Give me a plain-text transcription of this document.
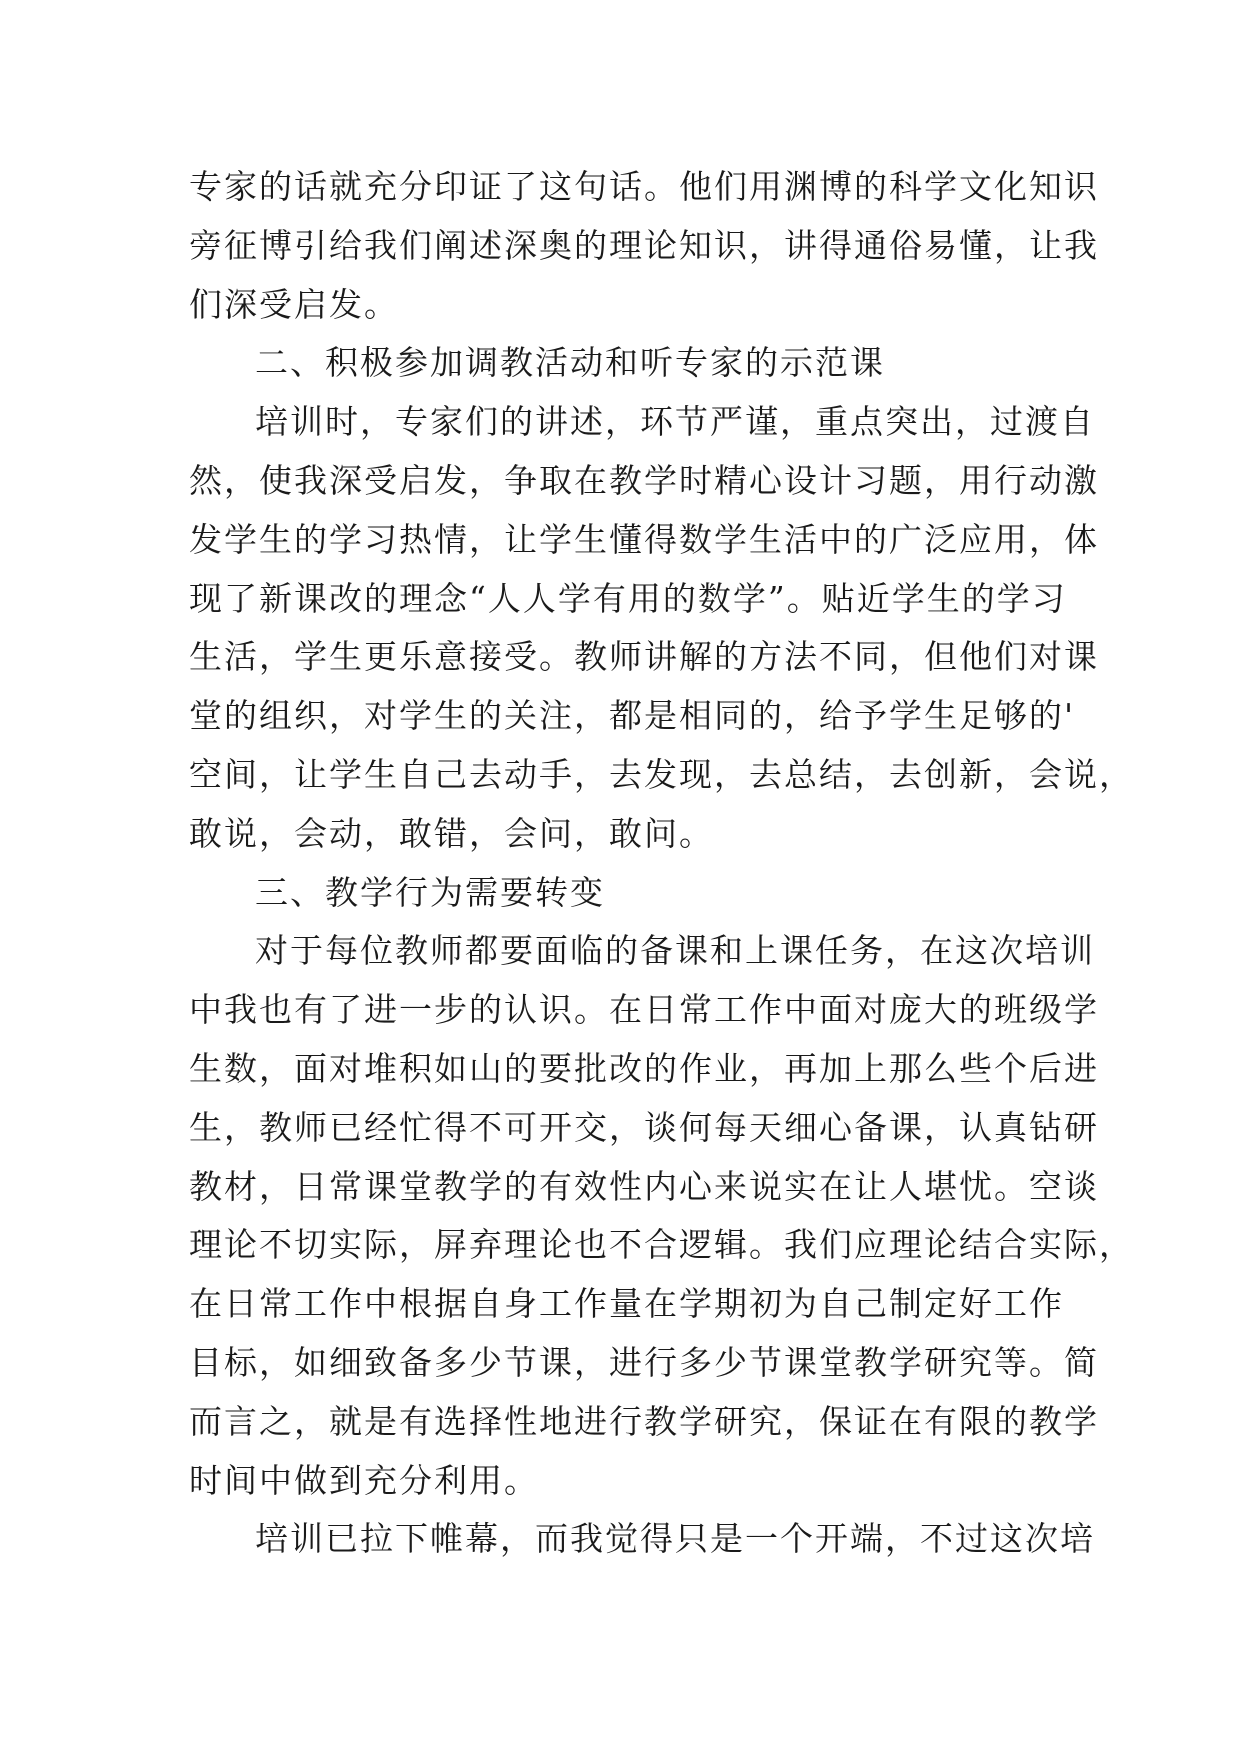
专家的话就充分印证了这句话。他们用渊博的科学文化知识
旁征博引给我们阐述深奥的理论知识，讲得通俗易懂，让我
们深受启发。
二、积极参加调教活动和听专家的示范课
培训时，专家们的讲述，环节严谨，重点突出，过渡自
然，使我深受启发，争取在教学时精心设计习题，用行动激
发学生的学习热情，让学生懂得数学生活中的广泛应用，体
现了新课改的理念“人人学有用的数学”。贴近学生的学习
生活，学生更乐意接受。教师讲解的方法不同，但他们对课
堂的组织，对学生的关注，都是相同的，给予学生足够的'
空间，让学生自己去动手，去发现，去总结，去创新，会说，
敢说，会动，敢错，会问，敢问。
三、教学行为需要转变
对于每位教师都要面临的备课和上课任务，在这次培训
中我也有了进一步的认识。在日常工作中面对庞大的班级学
生数，面对堆积如山的要批改的作业，再加上那么些个后进
生，教师已经忙得不可开交，谈何每天细心备课，认真钻研
教材，日常课堂教学的有效性内心来说实在让人堪忧。空谈
理论不切实际，屏弃理论也不合逻辑。我们应理论结合实际，
在日常工作中根据自身工作量在学期初为自己制定好工作
目标，如细致备多少节课，进行多少节课堂教学研究等。简
而言之，就是有选择性地进行教学研究，保证在有限的教学
时间中做到充分利用。
培训已拉下帷幕，而我觉得只是一个开端，不过这次培
